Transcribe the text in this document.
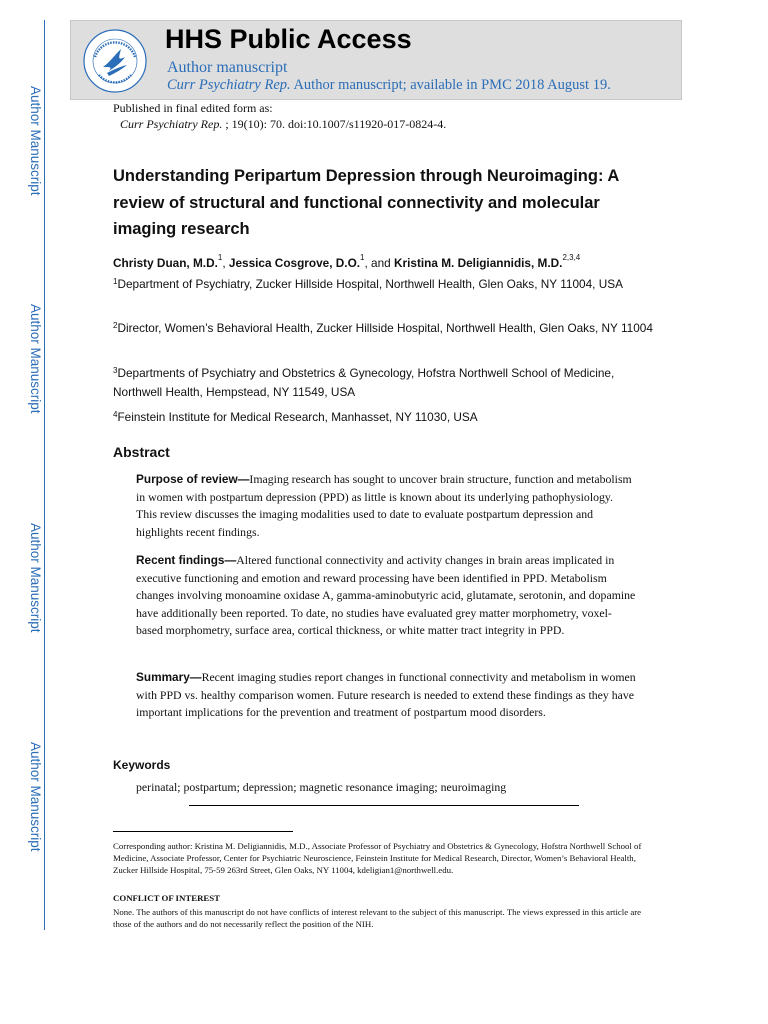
Author Manuscript
Author Manuscript
Author Manuscript
Author Manuscript
HHS Public Access
Author manuscript
Curr Psychiatry Rep. Author manuscript; available in PMC 2018 August 19.
Published in final edited form as:
Curr Psychiatry Rep. ; 19(10): 70. doi:10.1007/s11920-017-0824-4.
Understanding Peripartum Depression through Neuroimaging: A review of structural and functional connectivity and molecular imaging research
Christy Duan, M.D.$^1$, Jessica Cosgrove, D.O.$^1$, and Kristina M. Deligiannidis, M.D.$^{2,3,4}$
$^1$Department of Psychiatry, Zucker Hillside Hospital, Northwell Health, Glen Oaks, NY 11004, USA
$^2$Director, Women’s Behavioral Health, Zucker Hillside Hospital, Northwell Health, Glen Oaks, NY 11004
$^3$Departments of Psychiatry and Obstetrics & Gynecology, Hofstra Northwell School of Medicine, Northwell Health, Hempstead, NY 11549, USA
$^4$Feinstein Institute for Medical Research, Manhasset, NY 11030, USA
Abstract
Purpose of review—Imaging research has sought to uncover brain structure, function and metabolism in women with postpartum depression (PPD) as little is known about its underlying pathophysiology. This review discusses the imaging modalities used to date to evaluate postpartum depression and highlights recent findings.
Recent findings—Altered functional connectivity and activity changes in brain areas implicated in executive functioning and emotion and reward processing have been identified in PPD. Metabolism changes involving monoamine oxidase A, gamma-aminobutyric acid, glutamate, serotonin, and dopamine have additionally been reported. To date, no studies have evaluated grey matter morphometry, voxel-based morphometry, surface area, cortical thickness, or white matter tract integrity in PPD.
Summary—Recent imaging studies report changes in functional connectivity and metabolism in women with PPD vs. healthy comparison women. Future research is needed to extend these findings as they have important implications for the prevention and treatment of postpartum mood disorders.
Keywords
perinatal; postpartum; depression; magnetic resonance imaging; neuroimaging
Corresponding author: Kristina M. Deligiannidis, M.D., Associate Professor of Psychiatry and Obstetrics & Gynecology, Hofstra Northwell School of Medicine, Associate Professor, Center for Psychiatric Neuroscience, Feinstein Institute for Medical Research, Director, Women’s Behavioral Health, Zucker Hillside Hospital, 75-59 263rd Street, Glen Oaks, NY 11004, kdeligian1@northwell.edu.
CONFLICT OF INTEREST
None. The authors of this manuscript do not have conflicts of interest relevant to the subject of this manuscript. The views expressed in this article are those of the authors and do not necessarily reflect the position of the NIH.
